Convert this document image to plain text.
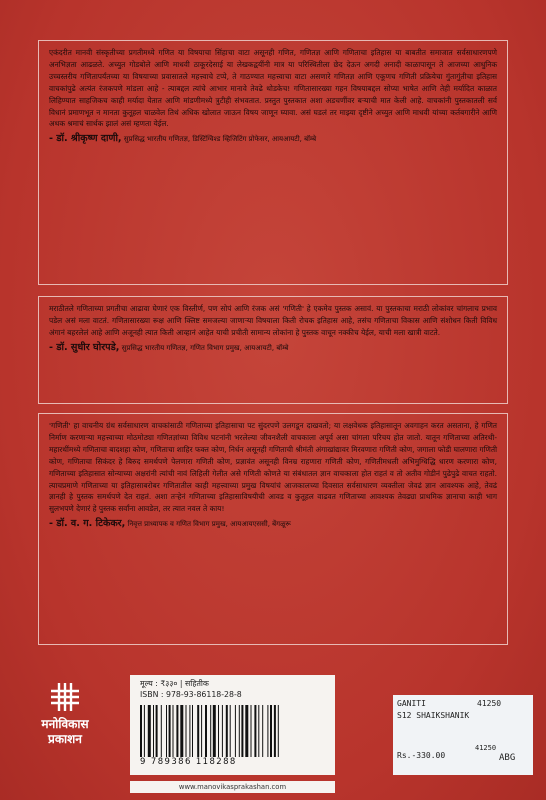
एकंदरीत मानवी संस्कृतीच्या प्रगतीमध्ये गणित या विषयाचा सिंहाचा वाटा असूनही गणित, गणितज्ञ आणि गणिताचा इतिहास या बाबतीत समाजात सर्वसाधारणपणे अनभिज्ञता आढळते. अच्युत गोडबोले आणि माधवी ठाकूरदेसाई या लेखकद्वयींनी मात्र या परिस्थितीला छेद देऊन अगदी अनादी काळापासून ते आजच्या आधुनिक उच्चस्तरीय गणितापर्यंतच्या या विषयाच्या प्रवासातले महत्त्वाचे टप्पे, ते गाठण्यात महत्त्वाचा वाटा असणारे गणितज्ञ आणि एकूणच गणिती प्रक्रियेचा गुंतागुंतीचा इतिहास वाचकांपुढे अत्यंत रंजकपणे मांडला आहे - त्याबद्दल त्यांचे आभार मानावे तेवढे थोडकेच! गणितासारख्या गहन विषयाबद्दल सोप्या भाषेत आणि तेही मर्यादित काळात लिहिण्यात साहजिकच काही मर्यादा येतात आणि मांडणीमध्ये त्रुटीही संभवतात. प्रस्तुत पुस्तकात अशा अडचणींवर बऱ्याची मात केली आहे. वाचकांनी पुस्तकातली सर्व विधानं प्रमाणभूत न मानता कुतूहल चाळवेल तिथं अधिक खोलात जाऊन विषय जाणून घ्यावा. असं घडलं तर माझ्या दृष्टीने अच्युत आणि माधवी यांच्या कर्तबगारीने आणि अथक श्रमाचं सार्थक झालं असं म्हणता येईल.

- डॉ. श्रीकृष्ण दाणी, सुप्रसिद्ध भारतीय गणितज्ञ, डिस्टिंग्विश्ड व्हिजिटिंग प्रोफेसर, आयआयटी, बॉम्बे

मराठीतले गणिताच्या प्रगतीचा आढावा घेणारं एक विस्तीर्ण, पण सोपं आणि रंजक असं 'गणिती' हे एकमेव पुस्तक असावं. या पुस्तकाचा मराठी लोकांवर चांगलाच प्रभाव पडेल असं मला वाटतं. गणितासारख्या रूक्ष आणि क्लिष्ट समजल्या जाणाऱ्या विषयाला किती रोचक इतिहास आहे, तसंच गणिताचा विकास आणि संशोधन किती विविध अंगानं बहरलेलं आहे आणि अजूनही त्यात किती आव्हानं आहेत याची प्रचीती सामान्य लोकांना हे पुस्तक वाचून नक्कीच येईल, याची मला खात्री वाटते.

- डॉ. सुधीर घोरपडे, सुप्रसिद्ध भारतीय गणितज्ञ, गणित विभाग प्रमुख, आयआयटी, बॉम्बे

'गणिती' हा वाचनीय ग्रंथ सर्वसाधारण वाचकांसाठी गणिताच्या इतिहासाचा पट सुंदरपणे उलगडून दाखवतो; या लक्षवेधक इतिहासातून अवगाहन करत असताना, हे गणित निर्माण करणाऱ्या महत्त्वाच्या मोठमोठ्या गणितज्ञांच्या विविध घटनांनी भरलेल्या जीवनशैली वाचकाला अपूर्व असा चांगला परिचय होत जातो. यातून गणिताच्या अतिरथी-महारथींमध्ये गणिताचा बादशहा कोण, गणिताचा शाहिर फक्त कोण, निर्धन असूनही गणिताची श्रीमंती अंगाखांद्यावर मिरवणारा गणिती कोण, जगाला फोडी घालणारा गणिती कोण, गणिताचा सिकंदर हे बिरुद समर्थपणे पेलणारा गणिती कोण, प्रज्ञावंत असूनही विनम्र राहणारा गणिती कोण, गणितीमधली अभिमुग्धिद्धि धारण करणारा कोण, गणिताच्या इतिहासात सोन्याच्या अक्षरांनी त्यांची नावं लिहिली गेलीत असे गणिती कोणते या संबंधातल ज्ञान वाचकाला होत राहतं व तो अतीव गोडीनं पुढेपुढे वाचत राहतो. त्याचप्रमाणे गणिताच्या या इतिहासाबरोबर गणितातील काही महत्त्वाच्या प्रमुख विषयांचं आजकालच्या दिवसात सर्वसाधारण व्यक्तीला जेवढं ज्ञान आवश्यक आहे, तेवढं ज्ञानही हे पुस्तक समर्थपणे देत राहतं. अशा तऱ्हेनं गणिताच्या इतिहासाविषयीची आवड व कुतूहल वाढवत गणिताच्या आवश्यक तेवढ्या प्राथमिक ज्ञानाचा काही भाग सुलभपणे देणारं हे पुस्तक सर्वांना आवडेल, तर त्यात नवल ते काय!

- डॉ. व. ग. टिकेकर, निवृत्त प्राध्यापक व गणित विभाग प्रमुख, आयआयएससी, बेंगळूरू

मनोविकास
प्रकाशन
मूल्य : ₹३३० | सहितीक
ISBN : 978-93-86118-28-8
9 789386 118288
www.manovikasprakashan.com
GANITI	41250
S12 SHAIKSHANIK
Rs.-330.00
41250
ABG
